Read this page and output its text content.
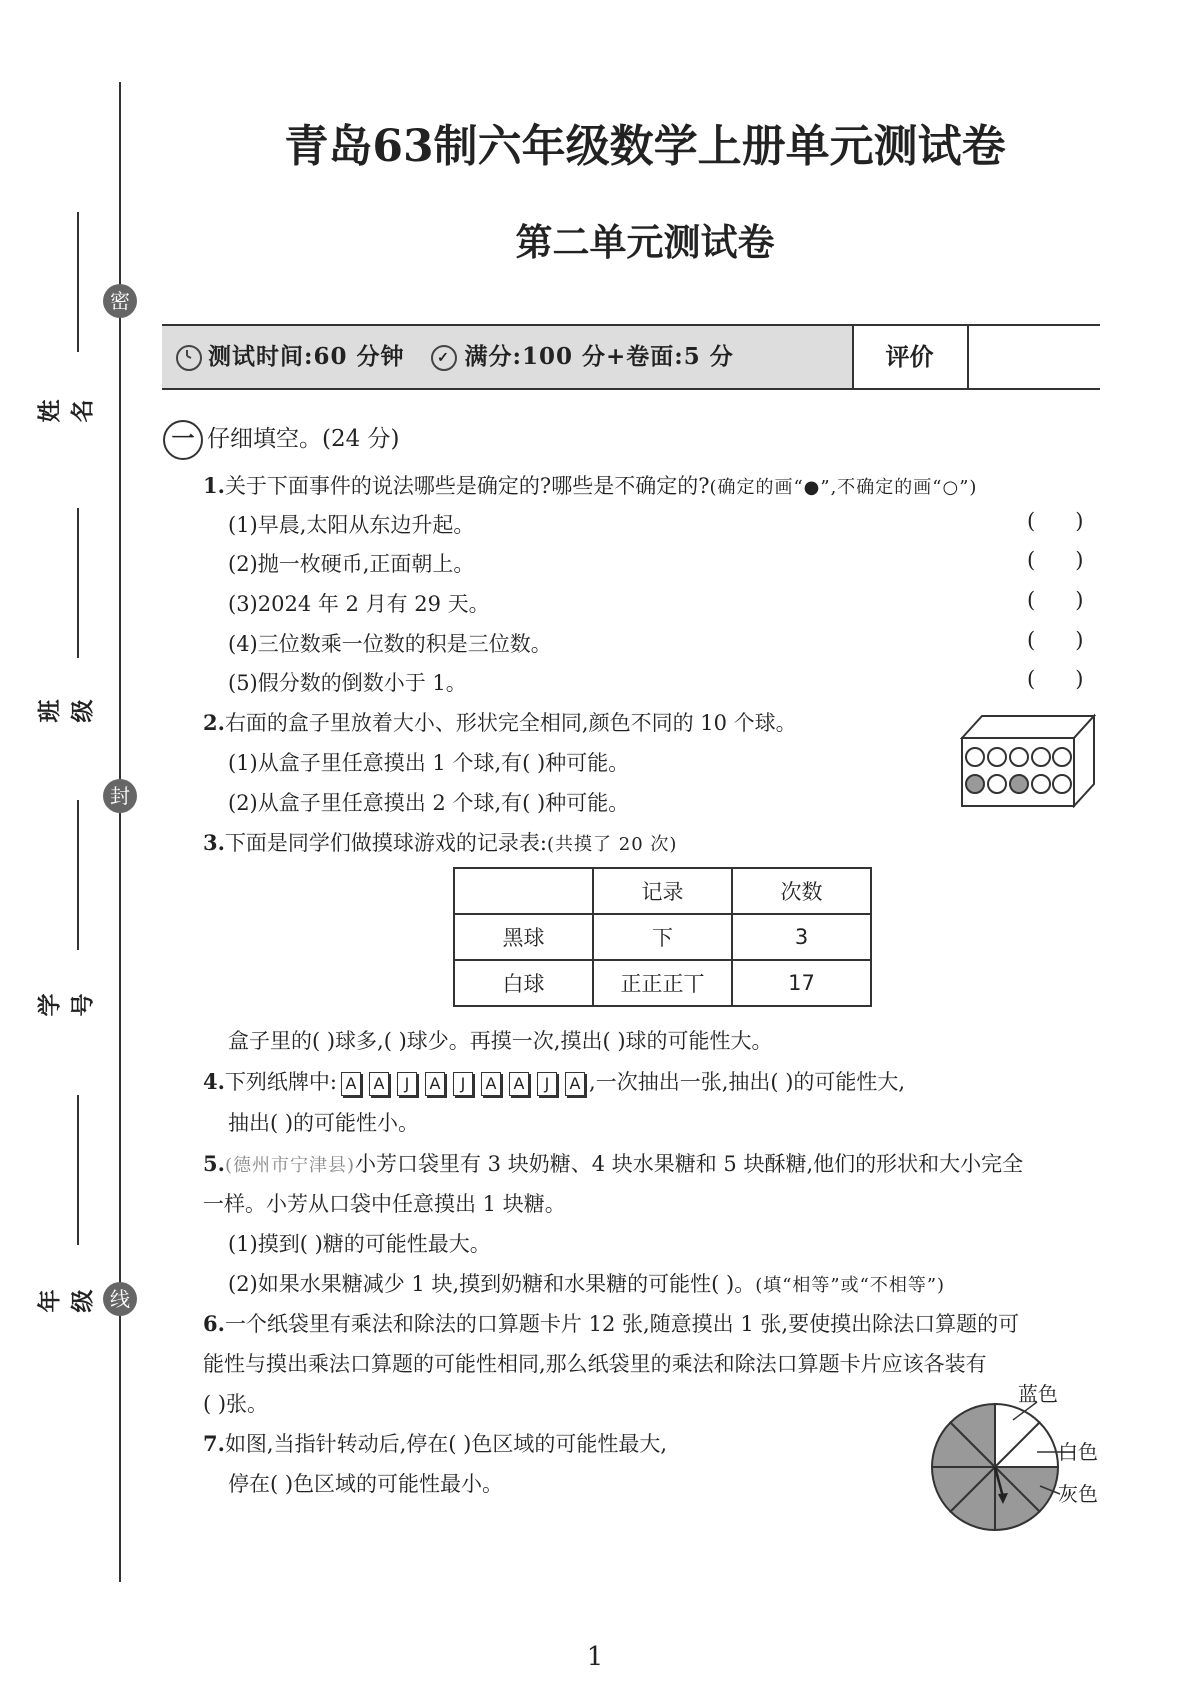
密
封
线
姓名
班级
学号
年级
青岛63制六年级数学上册单元测试卷
第二单元测试卷
测试时间:60 分钟 ✓ 满分:100 分+卷面:5 分	评价
一 仔细填空。(24 分)
1.关于下面事件的说法哪些是确定的?哪些是不确定的?(确定的画“●”,不确定的画“○”)
(1)早晨,太阳从东边升起。	()
(2)抛一枚硬币,正面朝上。	()
(3)2024 年 2 月有 29 天。	()
(4)三位数乘一位数的积是三位数。	()
(5)假分数的倒数小于 1。	()
2.右面的盒子里放着大小、形状完全相同,颜色不同的 10 个球。
(1)从盒子里任意摸出 1 个球,有( )种可能。
(2)从盒子里任意摸出 2 个球,有( )种可能。
3.下面是同学们做摸球游戏的记录表:(共摸了 20 次)
	记录	次数
黑球	下	3
白球	正正正丅	17
盒子里的( )球多,( )球少。再摸一次,摸出( )球的可能性大。
4.下列纸牌中: A A J A J A A J A ,一次抽出一张,抽出( )的可能性大,
抽出( )的可能性小。
5.(德州市宁津县)小芳口袋里有 3 块奶糖、4 块水果糖和 5 块酥糖,他们的形状和大小完全
一样。小芳从口袋中任意摸出 1 块糖。
(1)摸到( )糖的可能性最大。
(2)如果水果糖减少 1 块,摸到奶糖和水果糖的可能性( )。(填“相等”或“不相等”)
6.一个纸袋里有乘法和除法的口算题卡片 12 张,随意摸出 1 张,要使摸出除法口算题的可
能性与摸出乘法口算题的可能性相同,那么纸袋里的乘法和除法口算题卡片应该各装有
( )张。
7.如图,当指针转动后,停在( )色区域的可能性最大,
停在( )色区域的可能性最小。
蓝色
白色
灰色
1
